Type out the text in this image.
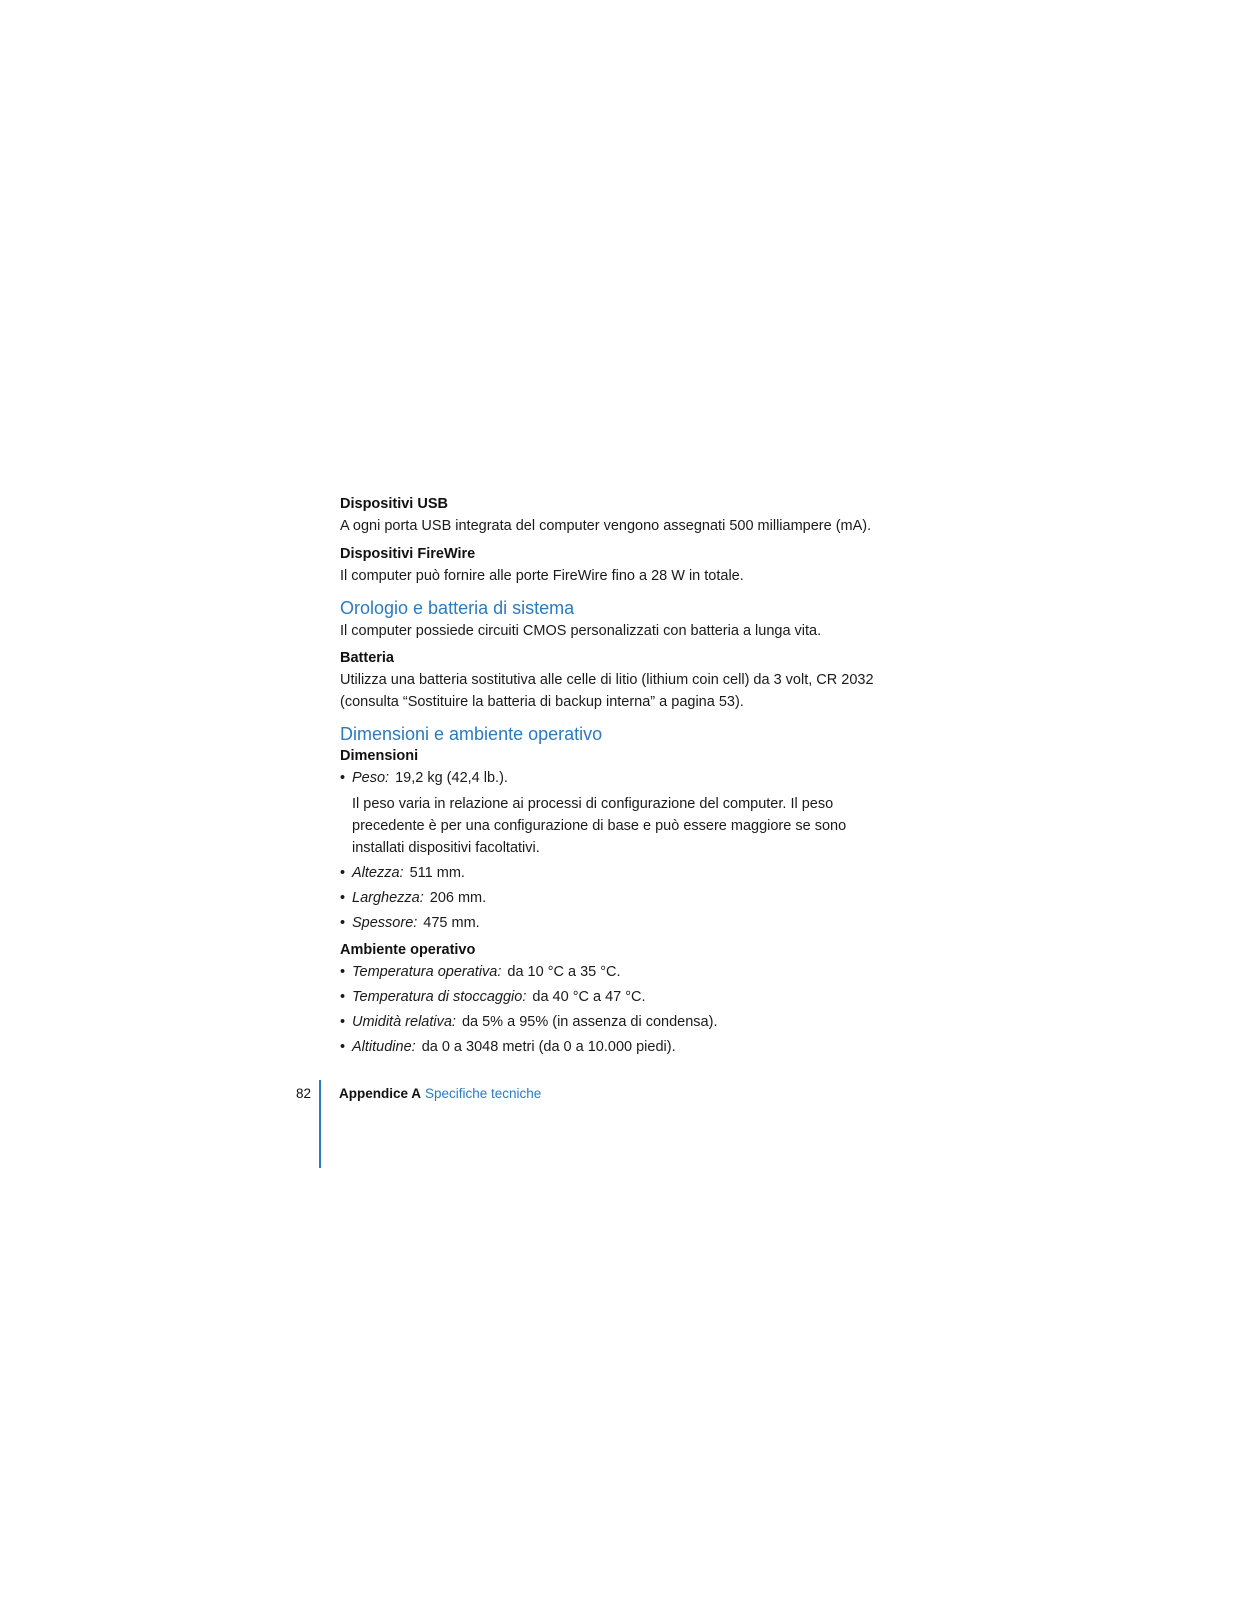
Dispositivi USB

A ogni porta USB integrata del computer vengono assegnati 500 milliampere (mA).

Dispositivi FireWire

Il computer può fornire alle porte FireWire fino a 28 W in totale.

Orologio e batteria di sistema

Il computer possiede circuiti CMOS personalizzati con batteria a lunga vita.

Batteria

Utilizza una batteria sostitutiva alle celle di litio (lithium coin cell) da 3 volt, CR 2032 (consulta “Sostituire la batteria di backup interna” a pagina 53).

Dimensioni e ambiente operativo

Dimensioni

• Peso: 19,2 kg (42,4 lb.).

Il peso varia in relazione ai processi di configurazione del computer. Il peso precedente è per una configurazione di base e può essere maggiore se sono installati dispositivi facoltativi.

• Altezza: 511 mm.
• Larghezza: 206 mm.
• Spessore: 475 mm.

Ambiente operativo

• Temperatura operativa: da 10 °C a 35 °C.
• Temperatura di stoccaggio: da 40 °C a 47 °C.
• Umidità relativa: da 5% a 95% (in assenza di condensa).
• Altitudine: da 0 a 3048 metri (da 0 a 10.000 piedi).
82 Appendice A Specifiche tecniche
